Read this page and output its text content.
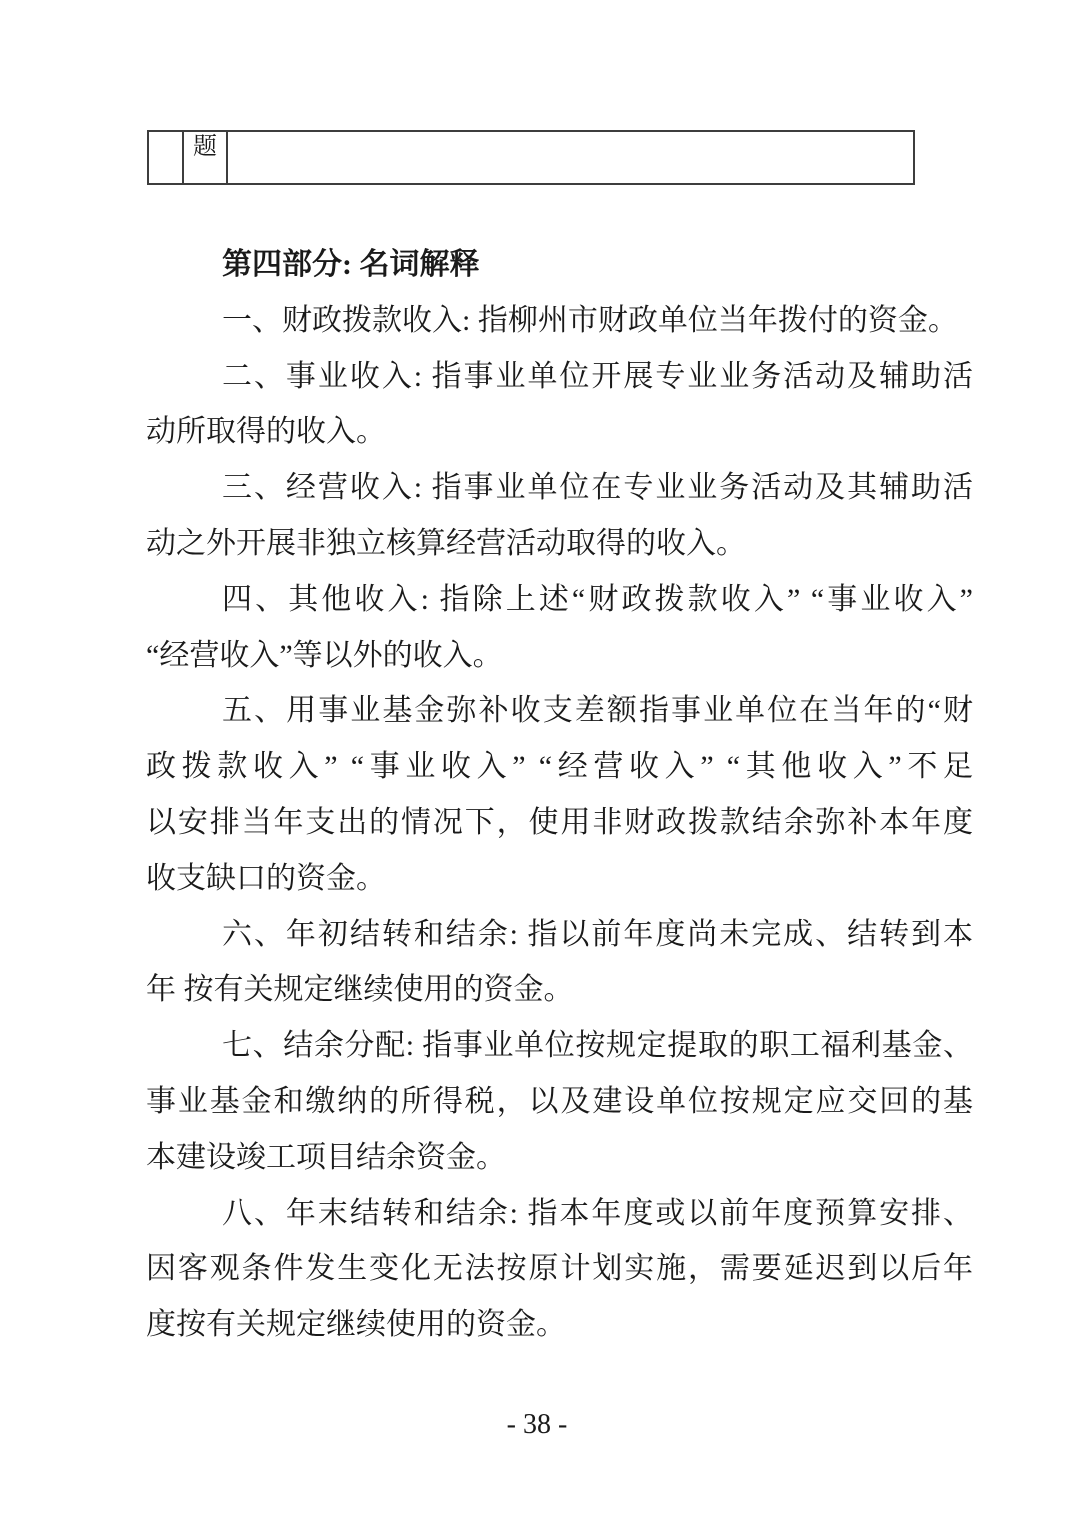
题
第四部分: 名词解释
一、财政拨款收入: 指柳州市财政单位当年拨付的资金。
二、事业收入: 指事业单位开展专业业务活动及辅助活
动所取得的收入。
三、经营收入: 指事业单位在专业业务活动及其辅助活
动之外开展非独立核算经营活动取得的收入。
四、其他收入: 指除上述“财政拨款收入” “事业收入”
“经营收入”等以外的收入。
五、用事业基金弥补收支差额指事业单位在当年的“财
政拨款收入” “事业收入” “经营收入” “其他收入”不足
以安排当年支出的情况下，使用非财政拨款结余弥补本年度
收支缺口的资金。
六、年初结转和结余: 指以前年度尚未完成、结转到本
年 按有关规定继续使用的资金。
七、结余分配: 指事业单位按规定提取的职工福利基金、
事业基金和缴纳的所得税，以及建设单位按规定应交回的基
本建设竣工项目结余资金。
八、年末结转和结余: 指本年度或以前年度预算安排、
因客观条件发生变化无法按原计划实施，需要延迟到以后年
度按有关规定继续使用的资金。
- 38 -
